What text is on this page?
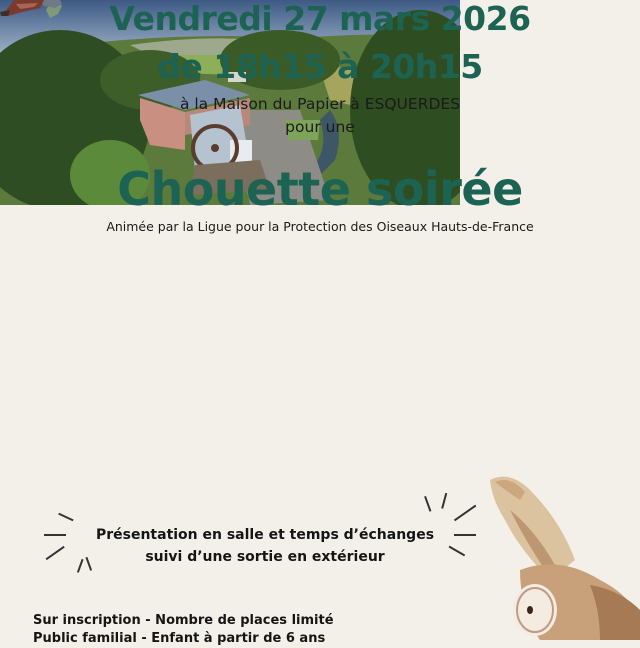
Vendredi 27 mars 2026
de 18h15 à 20h15
à la Maison du Papier à ESQUERDES
pour une
Chouette soirée
Animée par la Ligue pour la Protection des Oiseaux Hauts-de-France
Présentation en salle et temps d’échanges
suivi d’une sortie en extérieur
Sur inscription - Nombre de places limité
Public familial - Enfant à partir de 6 ans
